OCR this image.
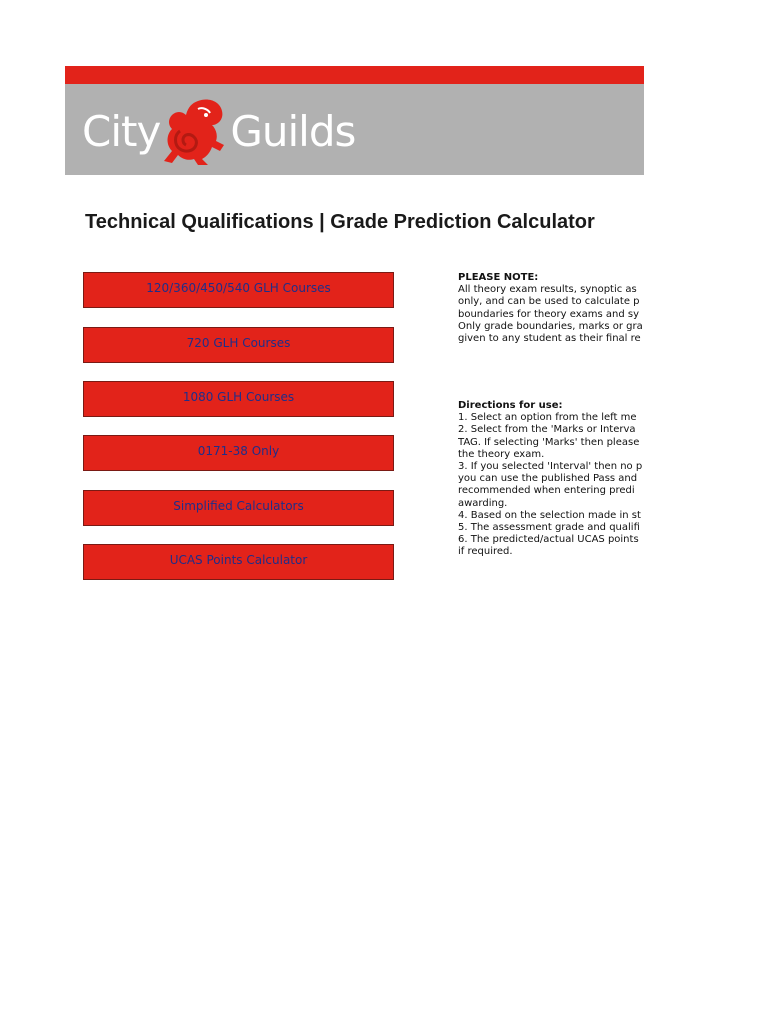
City Guilds
Technical Qualifications | Grade Prediction Calculator
120/360/450/540 GLH Courses
720 GLH Courses
1080 GLH Courses
0171-38 Only
Simplified Calculators
UCAS Points Calculator
PLEASE NOTE:
All theory exam results, synoptic as
only, and can be used to calculate p
boundaries for theory exams and sy
Only grade boundaries, marks or gra
given to any student as their final re
Directions for use:
1. Select an option from the left me
2. Select from the 'Marks or Interva
TAG. If selecting 'Marks' then please
the theory exam.
3. If you selected 'Interval' then no p
you can use the published Pass and
recommended when entering predi
awarding.
4. Based on the selection made in st
5. The assessment grade and qualifi
6. The predicted/actual UCAS points
if required.
